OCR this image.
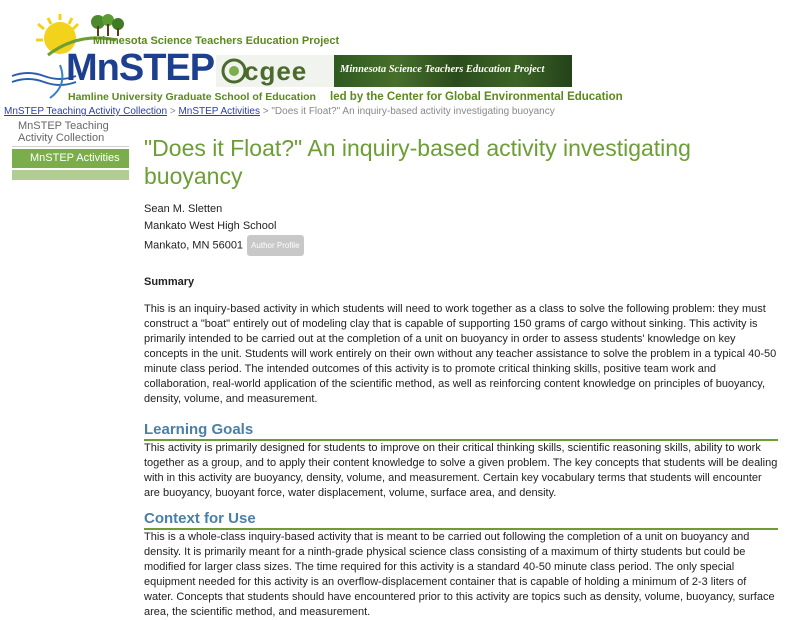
Minnesota Science Teachers Education Project
MnSTEP
Hamline University Graduate School of Education
cgee	Minnesota Science Teachers Education Project
led by the Center for Global Environmental Education
MnSTEP Teaching Activity Collection > MnSTEP Activities > "Does it Float?" An inquiry-based activity investigating buoyancy
MnSTEP Teaching Activity Collection
MnSTEP Activities	"Does it Float?" An inquiry-based activity investigating buoyancy
Sean M. Sletten
Mankato West High School
Mankato, MN 56001 Author Profile
Summary
This is an inquiry-based activity in which students will need to work together as a class to solve the following problem: they must construct a "boat" entirely out of modeling clay that is capable of supporting 150 grams of cargo without sinking. This activity is primarily intended to be carried out at the completion of a unit on buoyancy in order to assess students' knowledge on key concepts in the unit. Students will work entirely on their own without any teacher assistance to solve the problem in a typical 40-50 minute class period. The intended outcomes of this activity is to promote critical thinking skills, positive team work and collaboration, real-world application of the scientific method, as well as reinforcing content knowledge on principles of buoyancy, density, volume, and measurement.
Learning Goals
This activity is primarily designed for students to improve on their critical thinking skills, scientific reasoning skills, ability to work together as a group, and to apply their content knowledge to solve a given problem. The key concepts that students will be dealing with in this activity are buoyancy, density, volume, and measurement. Certain key vocabulary terms that students will encounter are buoyancy, buoyant force, water displacement, volume, surface area, and density.
Context for Use
This is a whole-class inquiry-based activity that is meant to be carried out following the completion of a unit on buoyancy and density. It is primarily meant for a ninth-grade physical science class consisting of a maximum of thirty students but could be modified for larger class sizes. The time required for this activity is a standard 40-50 minute class period. The only special equipment needed for this activity is an overflow-displacement container that is capable of holding a minimum of 2-3 liters of water. Concepts that students should have encountered prior to this activity are topics such as density, volume, buoyancy, surface area, the scientific method, and measurement.
